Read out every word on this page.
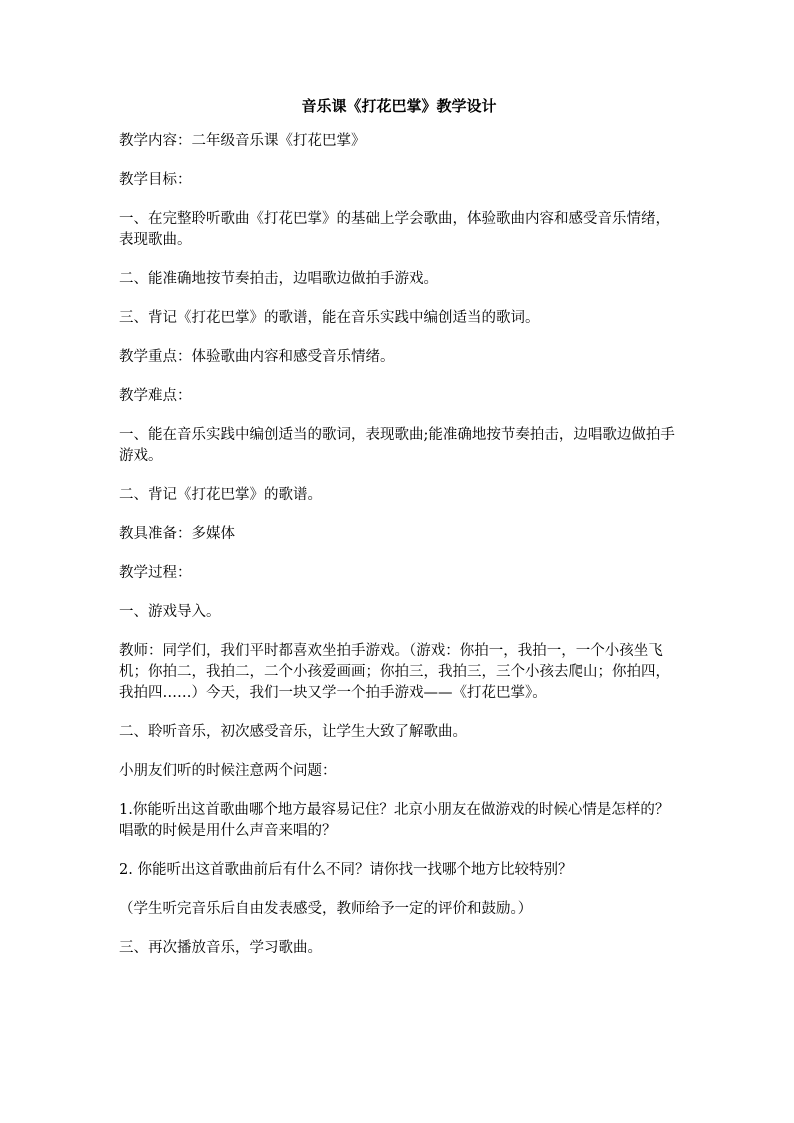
音乐课《打花巴掌》教学设计

教学内容：二年级音乐课《打花巴掌》

教学目标：

一、在完整聆听歌曲《打花巴掌》的基础上学会歌曲，体验歌曲内容和感受音乐情绪，表现歌曲。

二、能准确地按节奏拍击，边唱歌边做拍手游戏。

三、背记《打花巴掌》的歌谱，能在音乐实践中编创适当的歌词。

教学重点：体验歌曲内容和感受音乐情绪。

教学难点：

一、能在音乐实践中编创适当的歌词，表现歌曲;能准确地按节奏拍击，边唱歌边做拍手游戏。

二、背记《打花巴掌》的歌谱。

教具准备：多媒体

教学过程：

一、游戏导入。

教师：同学们，我们平时都喜欢坐拍手游戏。（游戏：你拍一，我拍一，一个小孩坐飞机；你拍二，我拍二，二个小孩爱画画；你拍三，我拍三，三个小孩去爬山；你拍四，我拍四……）今天，我们一块又学一个拍手游戏——《打花巴掌》。

二、聆听音乐，初次感受音乐，让学生大致了解歌曲。

小朋友们听的时候注意两个问题：

1.你能听出这首歌曲哪个地方最容易记住？北京小朋友在做游戏的时候心情是怎样的？唱歌的时候是用什么声音来唱的？

2. 你能听出这首歌曲前后有什么不同？请你找一找哪个地方比较特别？

（学生听完音乐后自由发表感受，教师给予一定的评价和鼓励。）

三、再次播放音乐，学习歌曲。
